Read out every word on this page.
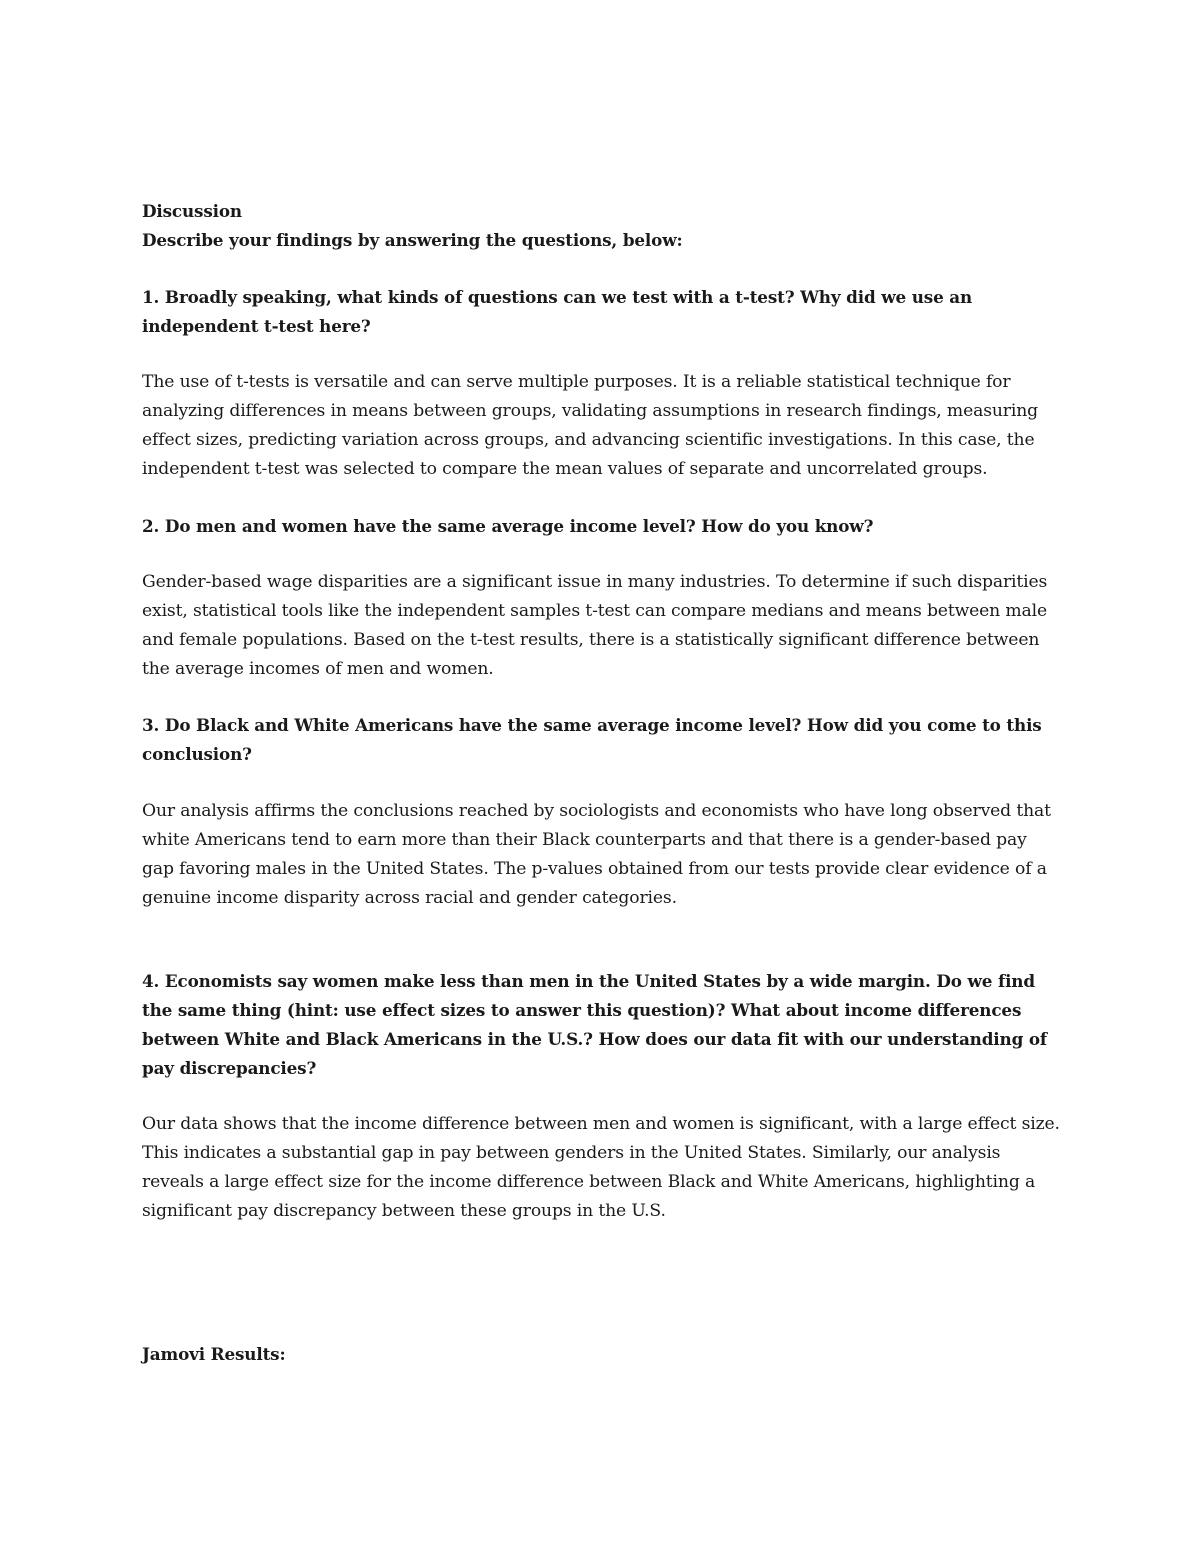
Discussion

Describe your findings by answering the questions, below:

1. Broadly speaking, what kinds of questions can we test with a t-test? Why did we use an independent t-test here?

The use of t-tests is versatile and can serve multiple purposes. It is a reliable statistical technique for analyzing differences in means between groups, validating assumptions in research findings, measuring effect sizes, predicting variation across groups, and advancing scientific investigations. In this case, the independent t-test was selected to compare the mean values of separate and uncorrelated groups.

2. Do men and women have the same average income level? How do you know?

Gender-based wage disparities are a significant issue in many industries. To determine if such disparities exist, statistical tools like the independent samples t-test can compare medians and means between male and female populations. Based on the t-test results, there is a statistically significant difference between the average incomes of men and women.

3. Do Black and White Americans have the same average income level? How did you come to this conclusion?

Our analysis affirms the conclusions reached by sociologists and economists who have long observed that white Americans tend to earn more than their Black counterparts and that there is a gender-based pay gap favoring males in the United States. The p-values obtained from our tests provide clear evidence of a genuine income disparity across racial and gender categories.

4. Economists say women make less than men in the United States by a wide margin. Do we find the same thing (hint: use effect sizes to answer this question)? What about income differences between White and Black Americans in the U.S.? How does our data fit with our understanding of pay discrepancies?

Our data shows that the income difference between men and women is significant, with a large effect size. This indicates a substantial gap in pay between genders in the United States. Similarly, our analysis reveals a large effect size for the income difference between Black and White Americans, highlighting a significant pay discrepancy between these groups in the U.S.

Jamovi Results:
